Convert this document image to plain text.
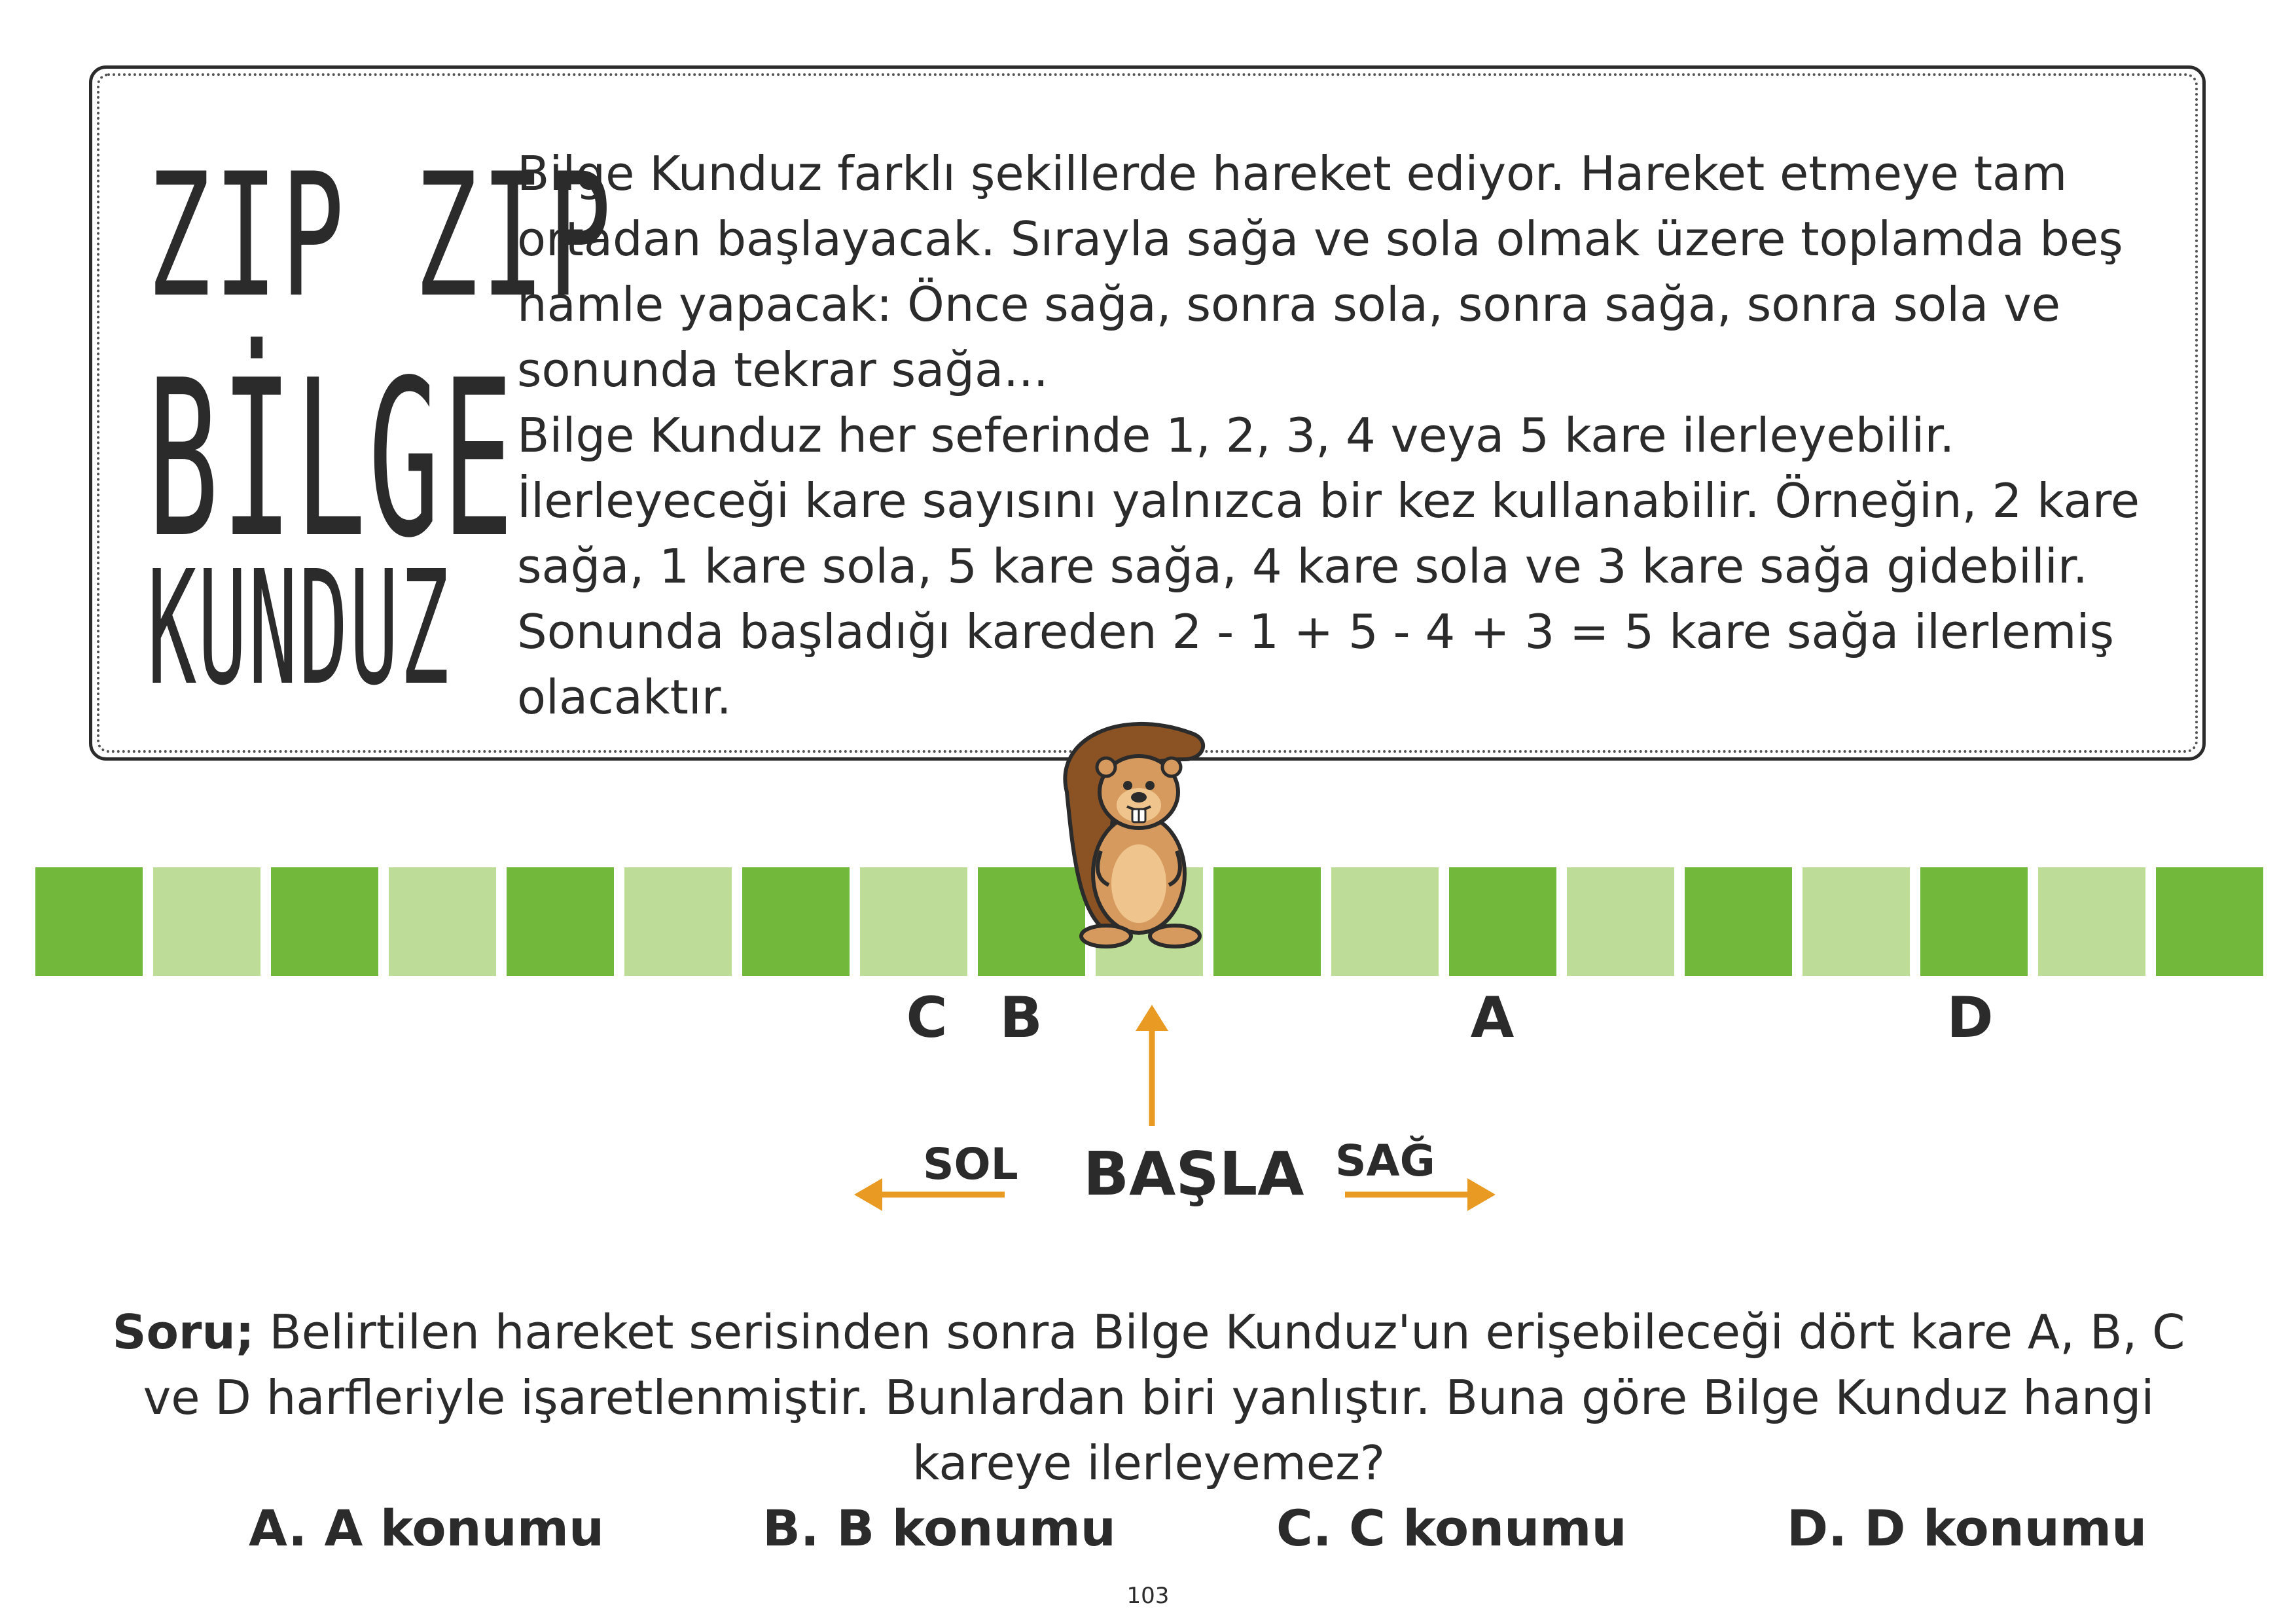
ZIP ZIP
BİLGE
KUNDUZ

Bilge Kunduz farklı şekillerde hareket ediyor. Hareket etmeye tam ortadan başlayacak. Sırayla sağa ve sola olmak üzere toplamda beş hamle yapacak: Önce sağa, sonra sola, sonra sağa, sonra sola ve sonunda tekrar sağa...

Bilge Kunduz her seferinde 1, 2, 3, 4 veya 5 kare ilerleyebilir. İlerleyeceği kare sayısını yalnızca bir kez kullanabilir. Örneğin, 2 kare sağa, 1 kare sola, 5 kare sağa, 4 kare sola ve 3 kare sağa gidebilir. Sonunda başladığı kareden 2 - 1 + 5 - 4 + 3 = 5 kare sağa ilerlemiş olacaktır.

C B	A	D
SOL BAŞLA SAĞ

Soru; Belirtilen hareket serisinden sonra Bilge Kunduz'un erişebileceği dört kare A, B, C ve D harfleriyle işaretlenmiştir. Bunlardan biri yanlıştır. Buna göre Bilge Kunduz hangi kareye ilerleyemez?

A. A konumu	B. B konumu	C. C konumu	D. D konumu
103
